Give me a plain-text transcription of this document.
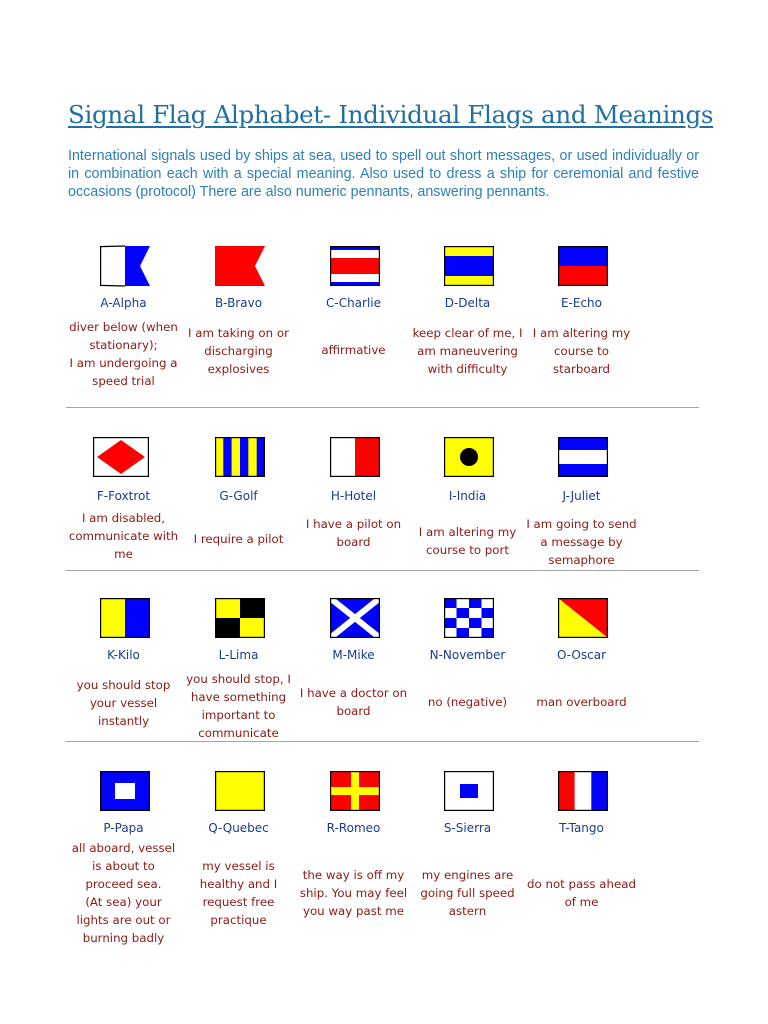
Signal Flag Alphabet- Individual Flags and Meanings

International signals used by ships at sea, used to spell out short messages, or used individually or in combination each with a special meaning. Also used to dress a ship for ceremonial and festive occasions (protocol) There are also numeric pennants, answering pennants.

A-Alpha
diver below (when stationary);
I am undergoing a speed trial
B-Bravo
I am taking on or discharging explosives
C-Charlie
affirmative
D-Delta
keep clear of me, I am maneuvering with difficulty
E-Echo
I am altering my course to starboard
F-Foxtrot
I am disabled, communicate with me
G-Golf
I require a pilot
H-Hotel
I have a pilot on board
I-India
I am altering my course to port
J-Juliet
I am going to send a message by semaphore
K-Kilo
you should stop your vessel instantly
L-Lima
you should stop, I have something important to communicate
M-Mike
I have a doctor on board
N-November
no (negative)
O-Oscar
man overboard
P-Papa
all aboard, vessel is about to proceed sea.
(At sea) your lights are out or burning badly
Q-Quebec
my vessel is healthy and I request free practique
R-Romeo
the way is off my ship. You may feel you way past me
S-Sierra
my engines are going full speed astern
T-Tango
do not pass ahead of me
